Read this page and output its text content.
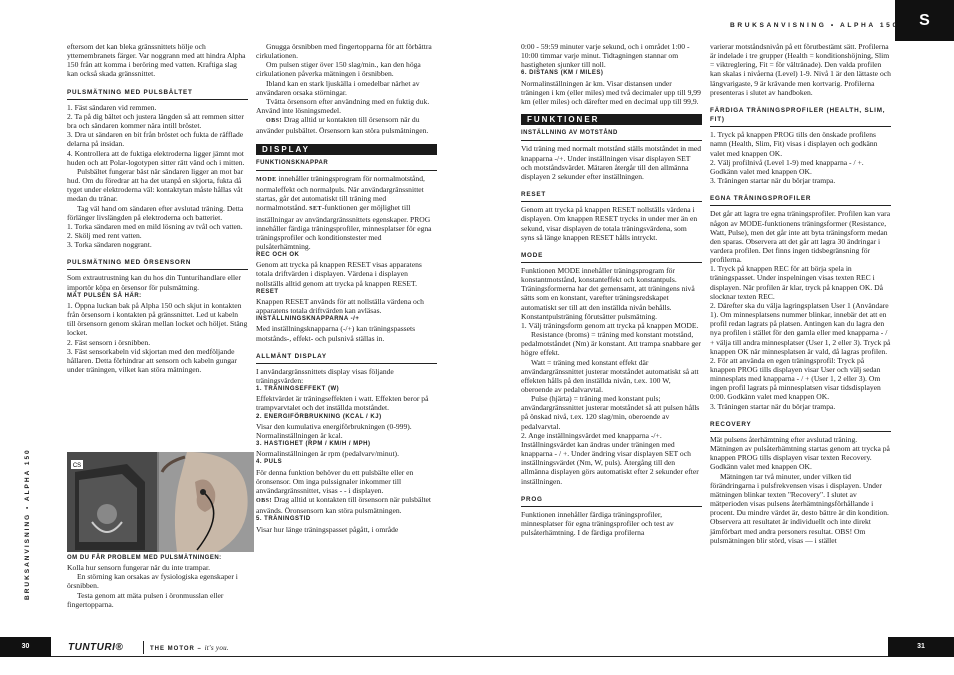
S
BRUKSANVISNING • ALPHA 150
BRUKSANVISNING • ALPHA 150

eftersom det kan bleka gränssnittets hölje och yttemembranets färger. Var noggrann med att hindra Alpha 150 från att komma i beröring med vatten. Kraftiga slag kan också skada gränssnittet.

PULSMÄTNING MED PULSBÄLTET

1. Fäst sändaren vid remmen.

2. Ta på dig bältet och justera längden så att remmen sitter bra och sändaren kommer nära intill bröstet.

3. Dra ut sändaren en bit från bröstet och fukta de räfflade delarna på insidan.

4. Kontrollera att de fuktiga elektroderna ligger jämnt mot huden och att Polar-logotypen sitter rätt vänd och i mitten.

Pulsbältet fungerar bäst när sändaren ligger an mot bar hud. Om du föredrar att ha det utanpå en skjorta, fukta då tyget under elektroderna väl: kontaktytan måste hållas våt medan du tränar.

Tag väl hand om sändaren efter avslutad träning. Detta förlänger livslängden på elektroderna och batteriet.

1. Torka sändaren med en mild lösning av tvål och vatten.

2. Skölj med rent vatten.

3. Torka sändaren noggrant.

PULSMÄTNING MED ÖRSENSORN

Som extrautrustning kan du hos din Tunturihandlare eller importör köpa en örsensor för pulsmätning.

MÄT PULSEN SÅ HÄR:

1. Öppna luckan bak på Alpha 150 och skjut in kontakten från örsensorn i kontakten på gränssnittet. Led ut kabeln till örsensorn genom skåran mellan locket och höljet. Stäng locket.

2. Fäst sensorn i örsnibben.

3. Fäst sensorkabeln vid skjortan med den medföljande hållaren. Detta förhindrar att sensorn och kabeln gungar under träningen, vilket kan störa mätningen.

CS

OM DU FÅR PROBLEM MED PULSMÄTNINGEN:

Kolla hur sensorn fungerar när du inte trampar.

En störning kan orsakas av fysiologiska egenskaper i örsnibben.

Testa genom att mäta pulsen i öronmusslan eller fingertopparna.

Gnugga örsnibben med fingertopparna för att förbättra cirkulationen.

Om pulsen stiger över 150 slag/min., kan den höga cirkulationen påverka mätningen i örsnibben.

Ibland kan en stark ljuskälla i omedelbar närhet av användaren orsaka störningar.

Tvätta örsensorn efter användning med en fuktig duk. Använd inte lösningsmedel.

OBS! Drag alltid ur kontakten till örsensorn när du använder pulsbältet. Örsensorn kan störa pulsmätningen.

DISPLAY

FUNKTIONSKNAPPAR

MODE innehåller träningsprogram för normalmotstånd, normaleffekt och normalpuls. När användargränssnittet startas, går det automatiskt till träning med normalmotstånd. SET-funktionen ger möjlighet till inställningar av användargränssnittets egenskaper. PROG innehåller färdiga träningsprofiler, minnesplatser för egna träningsprofiler och konditionstester med pulsåterhämtning.

REC OCH OK

Genom att trycka på knappen RESET visas apparatens totala driftvärden i displayen. Värdena i displayen nollställs alltid genom att trycka på knappen RESET.

RESET

Knappen RESET används för att nollställa värdena och apparatens totala driftvärden kan avläsas.

INSTÄLLNINGSKNAPPARNA -/+

Med inställningsknapparna (-/+) kan träningspassets motstånds-, effekt- och pulsnivå ställas in.

ALLMÄNT DISPLAY

I användargränssnittets display visas följande träningsvärden:

1. TRÄNINGSEFFEKT (W)

Effektvärdet är träningseffekten i watt. Effekten beror på trampvarvtalet och det inställda motståndet.

2. ENERGIFÖRBRUKNING (KCAL / KJ)

Visar den kumulativa energiförbrukningen (0-999). Normalinställningen är kcal.

3. HASTIGHET (RPM / KM/H / MPH)

Normalinställningen är rpm (pedalvarv/minut).

4. PULS

För denna funktion behöver du ett pulsbälte eller en öronsensor. Om inga pulssignaler inkommer till användargränssnittet, visas - - i displayen.

OBS! Drag alltid ut kontakten till örsensorn när pulsbältet används. Öronsensorn kan störa pulsmätningen.

5. TRÄNINGSTID

Visar hur länge träningspasset pågått, i område

0:00 - 59:59 minuter varje sekund, och i området 1:00 - 10:00 timmar varje minut. Tidtagningen stannar om hastigheten sjunker till noll.

6. DISTANS (KM / MILES)

Normalinställningen är km. Visar distansen under träningen i km (eller miles) med två decimaler upp till 9,99 km (eller miles) och därefter med en decimal upp till 99,9.

FUNKTIONER

INSTÄLLNING AV MOTSTÅND

Vid träning med normalt motstånd ställs motståndet in med knapparna -/+. Under inställningen visar displayen SET och motståndsvärdet. Mätaren återgår till den allmänna displayen 2 sekunder efter inställningen.

RESET

Genom att trycka på knappen RESET nollställs värdena i displayen. Om knappen RESET trycks in under mer än en sekund, visar displayen de totala träningsvärdena, som syns så länge knappen RESET hålls intryckt.

MODE

Funktionen MODE innehåller träningsprogram för konstantmotstånd, konstanteffekt och konstantpuls. Träningsformerna har det gemensamt, att träningens nivå sätts som en konstant, varefter träningsredskapet automatiskt ser till att den inställda nivån behålls. Konstantpulsträning förutsätter pulsmätning.

1. Välj träningsform genom att trycka på knappen MODE.

Resistance (broms) = träning med konstant motstånd, pedalmotståndet (Nm) är konstant. Att trampa snabbare ger högre effekt.

Watt = träning med konstant effekt där användargränssnittet justerar motståndet automatiskt så att effekten hålls på den inställda nivån, t.ex. 100 W, oberoende av pedalvarvtal.

Pulse (hjärta) = träning med konstant puls; användargränssnittet justerar motståndet så att pulsen hålls på önskad nivå, t.ex. 120 slag/min, oberoende av pedalvarvtal.

2. Ange inställningsvärdet med knapparna -/+. Inställningsvärdet kan ändras under träningen med knapparna - / +. Under ändring visar displayen SET och inställningsvärdet (Nm, W, puls). Återgång till den allmänna displayen görs automatiskt efter 2 sekunder efter inställningen.

PROG

Funktionen innehåller färdiga träningsprofiler, minnesplatser för egna träningsprofiler och test av pulsåterhämtning. I de färdiga profilerna

varierar motståndsnivån på ett förutbestämt sätt. Profilerna är indelade i tre grupper (Health = konditionshöjning, Slim = viktreglering, Fit = för vältränade). Den valda profilen kan skalas i nivåerna (Level) 1-9. Nivå 1 är den lättaste och längvarigaste, 9 är krävande men kortvarig. Profilerna presenteras i slutet av handboken.

FÄRDIGA TRÄNINGSPROFILER (HEALTH, SLIM, FIT)

1. Tryck på knappen PROG tills den önskade profilens namn (Health, Slim, Fit) visas i displayen och godkänn valet med knappen OK.

2. Välj profilnivå (Level 1-9) med knapparna - / +. Godkänn valet med knappen OK.

3. Träningen startar när du börjar trampa.

EGNA TRÄNINGSPROFILER

Det går att lagra tre egna träningsprofiler. Profilen kan vara någon av MODE-funktionens träningsformer (Resistance, Watt, Pulse), men det går inte att byta träningsform medan den sparas. Observera att det går att lagra 30 ändringar i vardera profilen. Det finns ingen tidsbegränsning för profilerna.

1. Tryck på knappen REC för att börja spela in träningspasset. Under inspelningen visas texten REC i displayen. När profilen är klar, tryck på knappen OK. Då slocknar texten REC.

2. Därefter ska du välja lagringsplatsen User 1 (Användare 1). Om minnesplatsens nummer blinkar, innebär det att en profil redan lagrats på platsen. Antingen kan du lagra den nya profilen i stället för den gamla eller med knapparna - / + välja till andra minnesplatser (User 1, 2 eller 3). Tryck på knappen OK när minnesplatsen är vald, då lagras profilen.

2. För att använda en egen träningsprofil: Tryck på knappen PROG tills displayen visar User och välj sedan minnesplats med knapparna - / + (User 1, 2 eller 3). Om ingen profil lagrats på minnesplatsen visar tidsdisplayen 0:00. Godkänn valet med knappen OK.

3. Träningen startar när du börjar trampa.

RECOVERY

Mät pulsens återhämtning efter avslutad träning. Mätningen av pulsåterhämtning startas genom att trycka på knappen PROG tills displayen visar texten Recovery. Godkänn valet med knappen OK.

Mätningen tar två minuter, under vilken tid förändringarna i pulsfrekvensen visas i displayen. Under mätningen blinkar texten "Recovery". I slutet av mätperioden visas pulsens återhämtningsförhållande i procent. Du mindre värdet är, desto bättre är din kondition. Observera att resultatet är individuellt och inte direkt jämförbart med andra personers resultat. OBS! Om pulsmätningen blir störd, visas — i stället

30	31
TUNTURI®	THE MOTOR – it's you.
